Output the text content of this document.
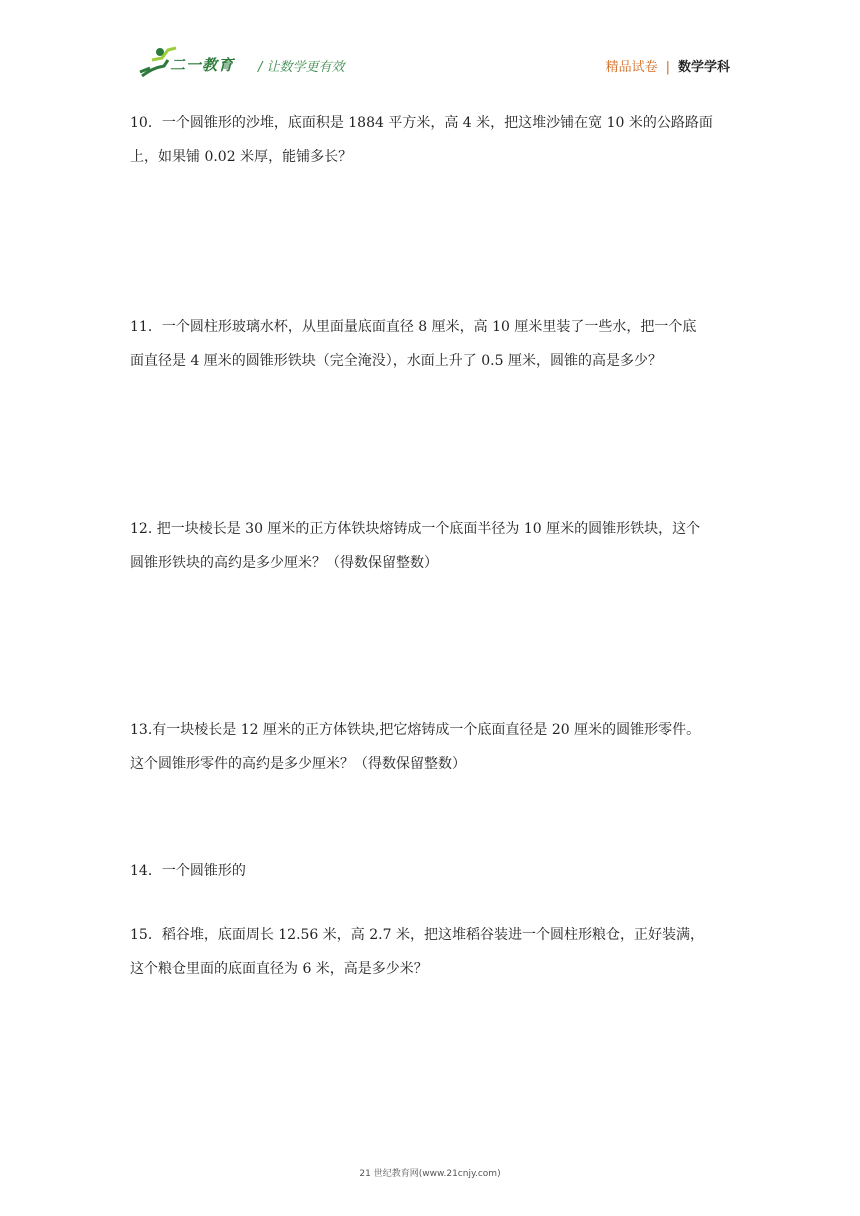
二一教育 / 让数学更有效	精品试卷 | 数学学科

10．一个圆锥形的沙堆，底面积是 1884 平方米，高 4 米，把这堆沙铺在宽 10 米的公路路面

上，如果铺 0.02 米厚，能铺多长？

11．一个圆柱形玻璃水杯，从里面量底面直径 8 厘米，高 10 厘米里装了一些水，把一个底

面直径是 4 厘米的圆锥形铁块（完全淹没），水面上升了 0.5 厘米，圆锥的高是多少？

12. 把一块棱长是 30 厘米的正方体铁块熔铸成一个底面半径为 10 厘米的圆锥形铁块，这个

圆锥形铁块的高约是多少厘米？（得数保留整数）

13.有一块棱长是 12 厘米的正方体铁块,把它熔铸成一个底面直径是 20 厘米的圆锥形零件。

这个圆锥形零件的高约是多少厘米？（得数保留整数）

14．一个圆锥形的

15．稻谷堆，底面周长 12.56 米，高 2.7 米，把这堆稻谷装进一个圆柱形粮仓，正好装满，

这个粮仓里面的底面直径为 6 米，高是多少米？

21 世纪教育网(www.21cnjy.com)
